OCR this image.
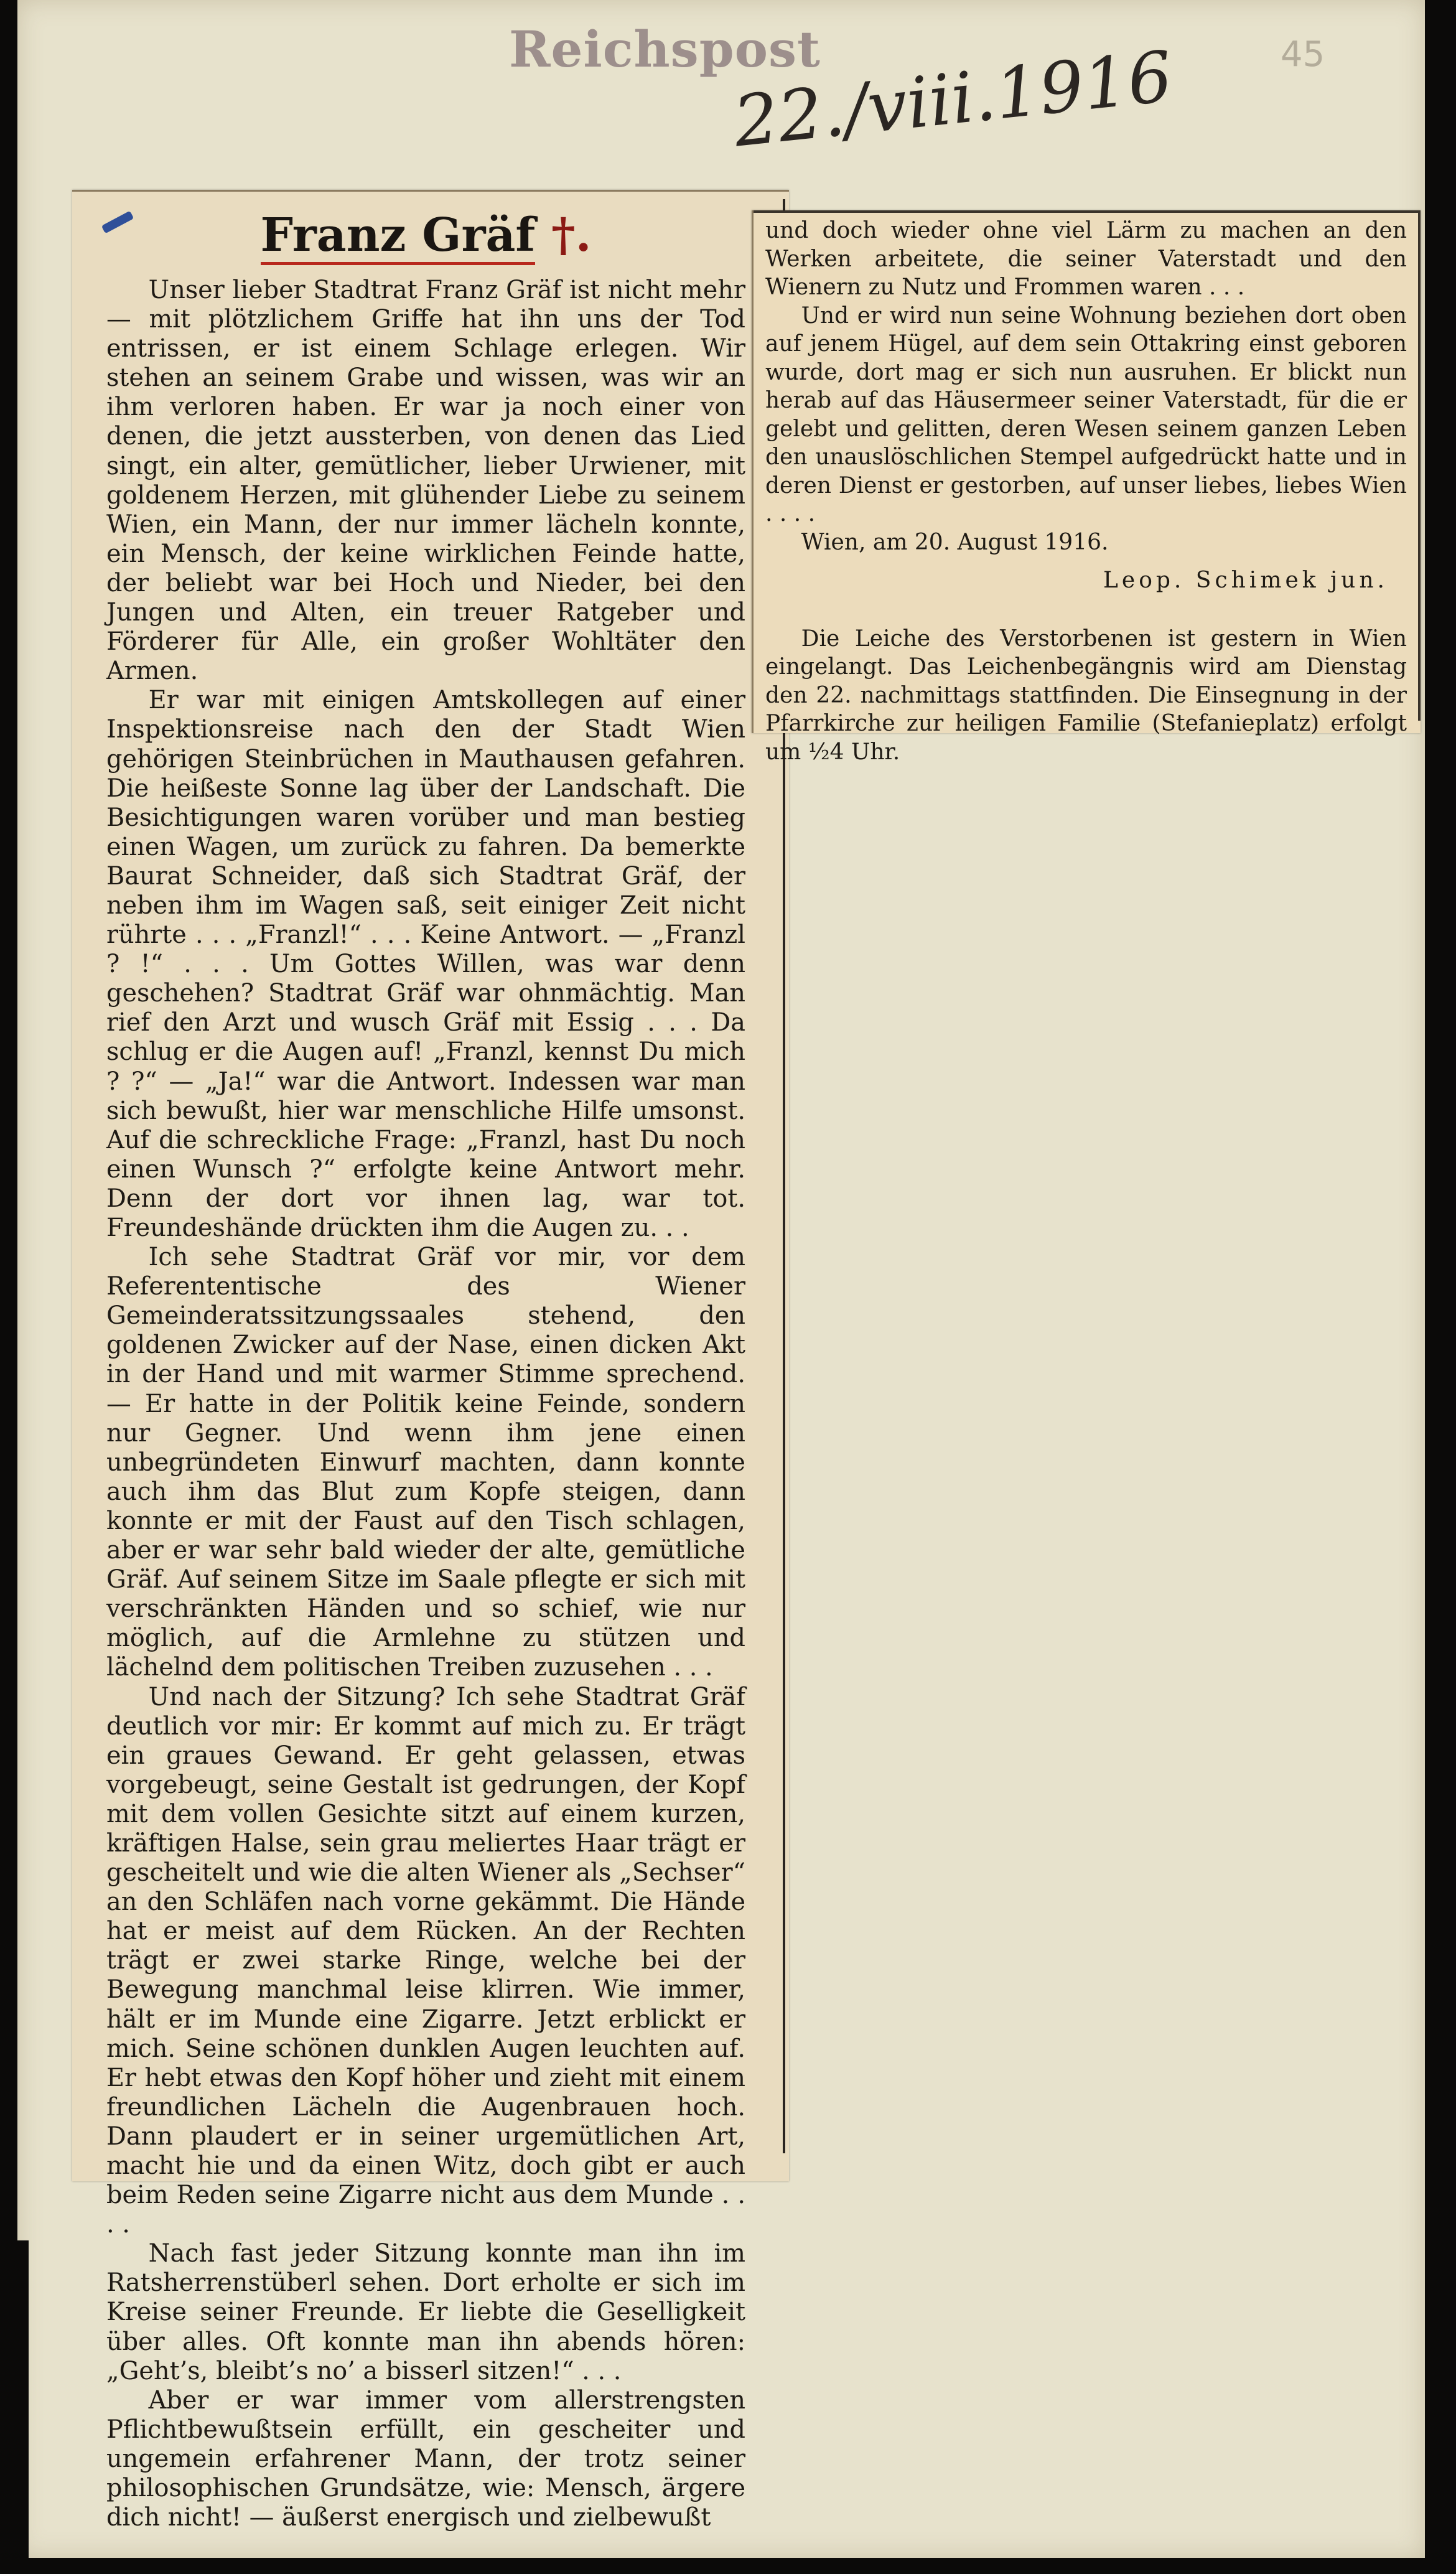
Reichspost
22./viii.1916	45
Franz Gräf †.

Unser lieber Stadtrat Franz Gräf ist nicht mehr — mit plötzlichem Griffe hat ihn uns der Tod entrissen, er ist einem Schlage erlegen. Wir stehen an seinem Grabe und wissen, was wir an ihm verloren haben. Er war ja noch einer von denen, die jetzt aussterben, von denen das Lied singt, ein alter, gemütlicher, lieber Urwiener, mit goldenem Herzen, mit glühender Liebe zu seinem Wien, ein Mann, der nur immer lächeln konnte, ein Mensch, der keine wirklichen Feinde hatte, der beliebt war bei Hoch und Nieder, bei den Jungen und Alten, ein treuer Ratgeber und Förderer für Alle, ein großer Wohltäter den Armen.

Er war mit einigen Amtskollegen auf einer Inspektionsreise nach den der Stadt Wien gehörigen Steinbrüchen in Mauthausen gefahren. Die heißeste Sonne lag über der Landschaft. Die Besichtigungen waren vorüber und man bestieg einen Wagen, um zurück zu fahren. Da bemerkte Baurat Schneider, daß sich Stadtrat Gräf, der neben ihm im Wagen saß, seit einiger Zeit nicht rührte . . . „Franzl!“ . . . Keine Antwort. — „Franzl ? !“ . . . Um Gottes Willen, was war denn geschehen? Stadtrat Gräf war ohnmächtig. Man rief den Arzt und wusch Gräf mit Essig . . . Da schlug er die Augen auf! „Franzl, kennst Du mich ? ?“ — „Ja!“ war die Antwort. Indessen war man sich bewußt, hier war menschliche Hilfe umsonst. Auf die schreckliche Frage: „Franzl, hast Du noch einen Wunsch ?“ erfolgte keine Antwort mehr. Denn der dort vor ihnen lag, war tot. Freundeshände drückten ihm die Augen zu. . .

Ich sehe Stadtrat Gräf vor mir, vor dem Referententische des Wiener Gemeinderatssitzungssaales stehend, den goldenen Zwicker auf der Nase, einen dicken Akt in der Hand und mit warmer Stimme sprechend. — Er hatte in der Politik keine Feinde, sondern nur Gegner. Und wenn ihm jene einen unbegründeten Einwurf machten, dann konnte auch ihm das Blut zum Kopfe steigen, dann konnte er mit der Faust auf den Tisch schlagen, aber er war sehr bald wieder der alte, gemütliche Gräf. Auf seinem Sitze im Saale pflegte er sich mit verschränkten Händen und so schief, wie nur möglich, auf die Armlehne zu stützen und lächelnd dem politischen Treiben zuzusehen . . .

Und nach der Sitzung? Ich sehe Stadtrat Gräf deutlich vor mir: Er kommt auf mich zu. Er trägt ein graues Gewand. Er geht gelassen, etwas vorgebeugt, seine Gestalt ist gedrungen, der Kopf mit dem vollen Gesichte sitzt auf einem kurzen, kräftigen Halse, sein grau meliertes Haar trägt er gescheitelt und wie die alten Wiener als „Sechser“ an den Schläfen nach vorne gekämmt. Die Hände hat er meist auf dem Rücken. An der Rechten trägt er zwei starke Ringe, welche bei der Bewegung manchmal leise klirren. Wie immer, hält er im Munde eine Zigarre. Jetzt erblickt er mich. Seine schönen dunklen Augen leuchten auf. Er hebt etwas den Kopf höher und zieht mit einem freundlichen Lächeln die Augenbrauen hoch. Dann plaudert er in seiner urgemütlichen Art, macht hie und da einen Witz, doch gibt er auch beim Reden seine Zigarre nicht aus dem Munde . . . .

Nach fast jeder Sitzung konnte man ihn im Ratsherrenstüberl sehen. Dort erholte er sich im Kreise seiner Freunde. Er liebte die Geselligkeit über alles. Oft konnte man ihn abends hören: „Geht’s, bleibt’s no’ a bisserl sitzen!“ . . .

Aber er war immer vom allerstrengsten Pflichtbewußtsein erfüllt, ein gescheiter und ungemein erfahrener Mann, der trotz seiner philosophischen Grundsätze, wie: Mensch, ärgere dich nicht! — äußerst energisch und zielbewußt

und doch wieder ohne viel Lärm zu machen an den Werken arbeitete, die seiner Vaterstadt und den Wienern zu Nutz und Frommen waren . . .

Und er wird nun seine Wohnung beziehen dort oben auf jenem Hügel, auf dem sein Ottakring einst geboren wurde, dort mag er sich nun ausruhen. Er blickt nun herab auf das Häusermeer seiner Vaterstadt, für die er gelebt und gelitten, deren Wesen seinem ganzen Leben den unauslöschlichen Stempel aufgedrückt hatte und in deren Dienst er gestorben, auf unser liebes, liebes Wien . . . .

Wien, am 20. August 1916.

Leop. Schimek jun.

Die Leiche des Verstorbenen ist gestern in Wien eingelangt. Das Leichenbegängnis wird am Dienstag den 22. nachmittags stattfinden. Die Einsegnung in der Pfarrkirche zur heiligen Familie (Stefanieplatz) erfolgt um ½4 Uhr.
